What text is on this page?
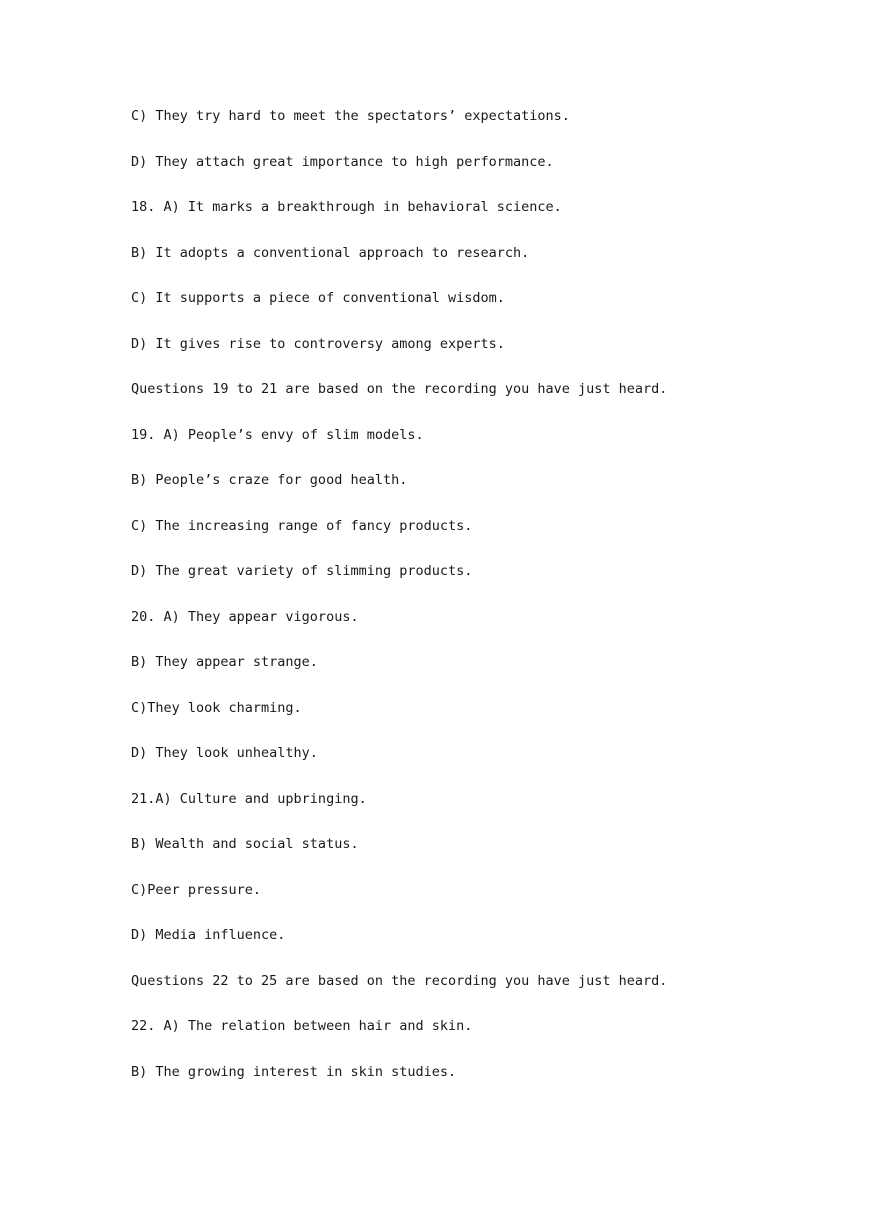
C) They try hard to meet the spectators’ expectations.
D) They attach great importance to high performance.
18. A) It marks a breakthrough in behavioral science.
B) It adopts a conventional approach to research.
C) It supports a piece of conventional wisdom.
D) It gives rise to controversy among experts.
Questions 19 to 21 are based on the recording you have just heard.
19. A) People’s envy of slim models.
B) People’s craze for good health.
C) The increasing range of fancy products.
D) The great variety of slimming products.
20. A) They appear vigorous.
B) They appear strange.
C)They look charming.
D) They look unhealthy.
21.A) Culture and upbringing.
B) Wealth and social status.
C)Peer pressure.
D) Media influence.
Questions 22 to 25 are based on the recording you have just heard.
22. A) The relation between hair and skin.
B) The growing interest in skin studies.
